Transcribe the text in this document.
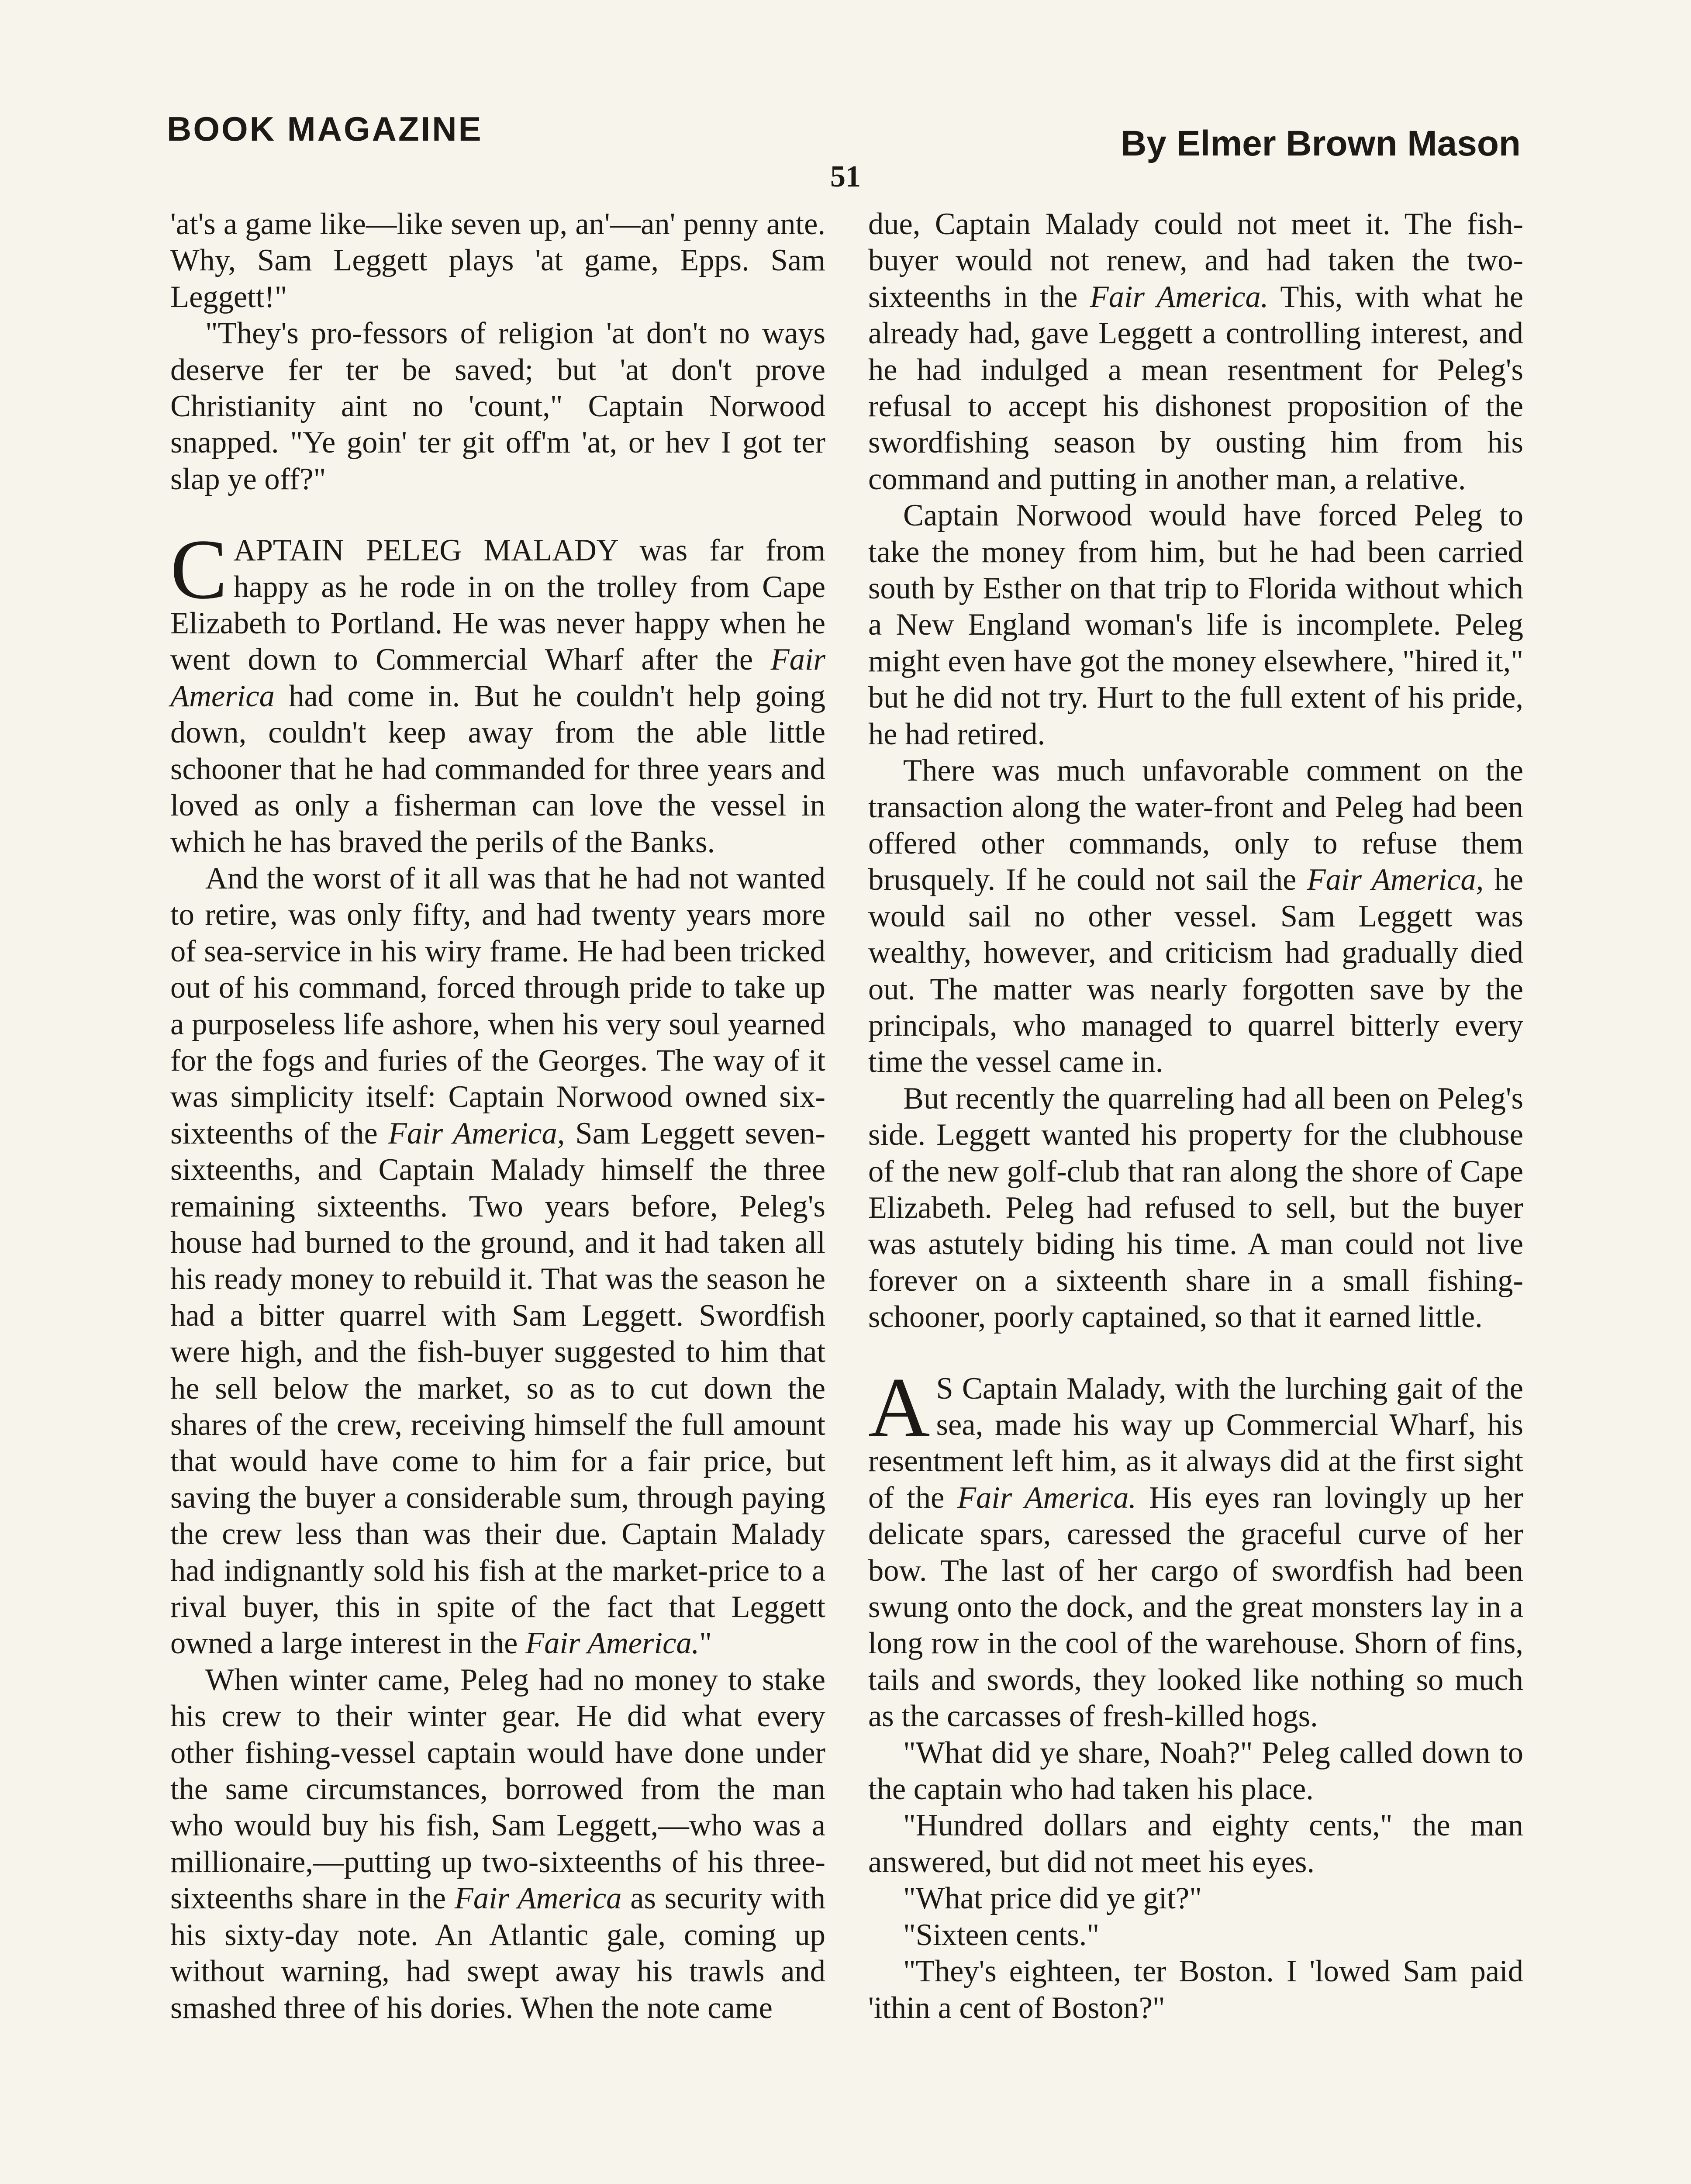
BOOK MAGAZINE	By Elmer Brown Mason
51

'at's a game like—like seven up, an'—an' penny ante. Why, Sam Leggett plays 'at game, Epps. Sam Leggett!"

"They's pro-fessors of religion 'at don't no ways deserve fer ter be saved; but 'at don't prove Christianity aint no 'count," Captain Norwood snapped. "Ye goin' ter git off'm 'at, or hev I got ter slap ye off?"

CAPTAIN PELEG MALADY was far from happy as he rode in on the trolley from Cape Elizabeth to Portland. He was never happy when he went down to Commercial Wharf after the Fair America had come in. But he couldn't help going down, couldn't keep away from the able little schooner that he had commanded for three years and loved as only a fisherman can love the vessel in which he has braved the perils of the Banks.

And the worst of it all was that he had not wanted to retire, was only fifty, and had twenty years more of sea-service in his wiry frame. He had been tricked out of his command, forced through pride to take up a purposeless life ashore, when his very soul yearned for the fogs and furies of the Georges. The way of it was simplicity itself: Captain Norwood owned six-sixteenths of the Fair America, Sam Leggett seven-sixteenths, and Captain Malady himself the three remaining sixteenths. Two years before, Peleg's house had burned to the ground, and it had taken all his ready money to rebuild it. That was the season he had a bitter quarrel with Sam Leggett. Swordfish were high, and the fish-buyer suggested to him that he sell below the market, so as to cut down the shares of the crew, receiving himself the full amount that would have come to him for a fair price, but saving the buyer a considerable sum, through paying the crew less than was their due. Captain Malady had indignantly sold his fish at the market-price to a rival buyer, this in spite of the fact that Leggett owned a large interest in the Fair America."

When winter came, Peleg had no money to stake his crew to their winter gear. He did what every other fishing-vessel captain would have done under the same circumstances, borrowed from the man who would buy his fish, Sam Leggett,—who was a millionaire,—putting up two-sixteenths of his three-sixteenths share in the Fair America as security with his sixty-day note. An Atlantic gale, coming up without warning, had swept away his trawls and smashed three of his dories. When the note came

due, Captain Malady could not meet it. The fish-buyer would not renew, and had taken the two-sixteenths in the Fair America. This, with what he already had, gave Leggett a controlling interest, and he had indulged a mean resentment for Peleg's refusal to accept his dishonest proposition of the swordfishing season by ousting him from his command and putting in another man, a relative.

Captain Norwood would have forced Peleg to take the money from him, but he had been carried south by Esther on that trip to Florida without which a New England woman's life is incomplete. Peleg might even have got the money elsewhere, "hired it," but he did not try. Hurt to the full extent of his pride, he had retired.

There was much unfavorable comment on the transaction along the water-front and Peleg had been offered other commands, only to refuse them brusquely. If he could not sail the Fair America, he would sail no other vessel. Sam Leggett was wealthy, however, and criticism had gradually died out. The matter was nearly forgotten save by the principals, who managed to quarrel bitterly every time the vessel came in.

But recently the quarreling had all been on Peleg's side. Leggett wanted his property for the clubhouse of the new golf-club that ran along the shore of Cape Elizabeth. Peleg had refused to sell, but the buyer was astutely biding his time. A man could not live forever on a sixteenth share in a small fishing-schooner, poorly captained, so that it earned little.

A S Captain Malady, with the lurching gait of the sea, made his way up Commercial Wharf, his resentment left him, as it always did at the first sight of the Fair America. His eyes ran lovingly up her delicate spars, caressed the graceful curve of her bow. The last of her cargo of swordfish had been swung onto the dock, and the great monsters lay in a long row in the cool of the warehouse. Shorn of fins, tails and swords, they looked like nothing so much as the carcasses of fresh-killed hogs.

"What did ye share, Noah?" Peleg called down to the captain who had taken his place.

"Hundred dollars and eighty cents," the man answered, but did not meet his eyes.

"What price did ye git?"

"Sixteen cents."

"They's eighteen, ter Boston. I 'lowed Sam paid 'ithin a cent of Boston?"
